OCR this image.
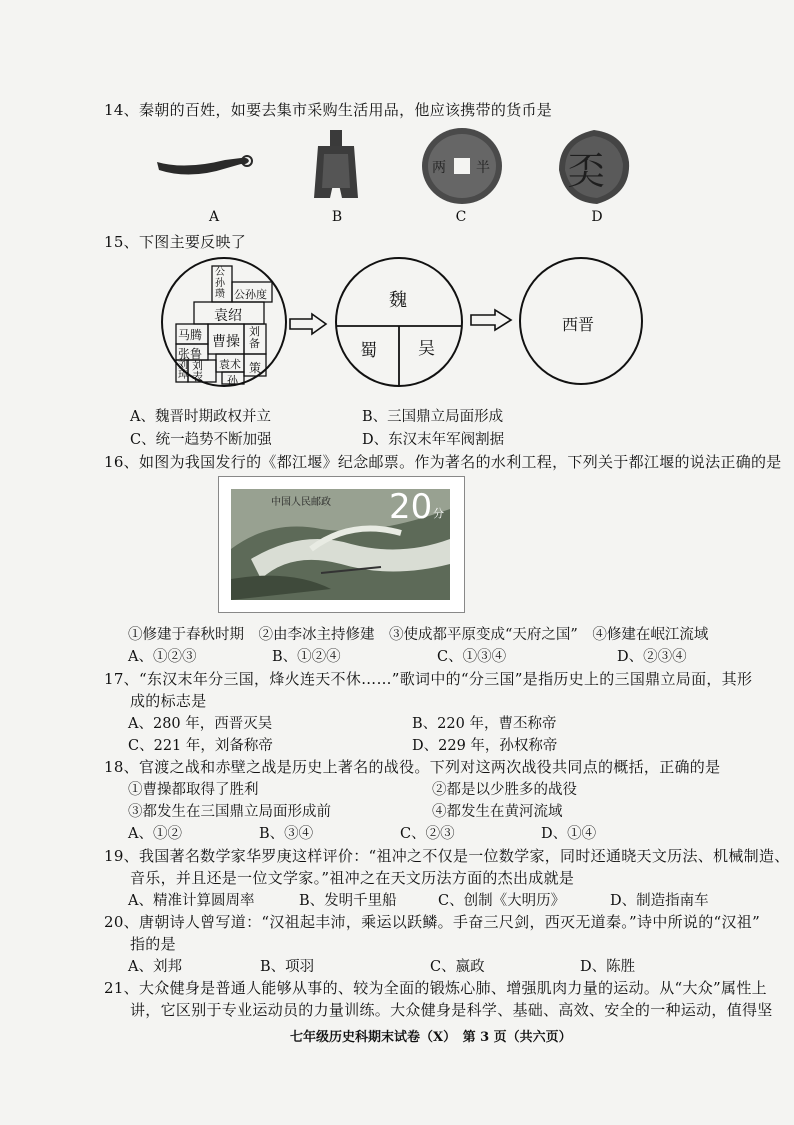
14、秦朝的百姓，如要去集市采购生活用品，他应该携带的货币是
A	B
两 半
C
奀
D
15、下图主要反映了
公孙瓒 公孙度
袁绍
马腾 曹操
刘备
张鲁
刘璋
刘表
袁术
孙
策
魏
蜀 吴
西晋
A、魏晋时期政权并立	B、三国鼎立局面形成
C、统一趋势不断加强	D、东汉末年军阀割据
16、如图为我国发行的《都江堰》纪念邮票。作为著名的水利工程，下列关于都江堰的说法正确的是
中国人民邮政 20 分
①修建于春秋时期　②由李冰主持修建　③使成都平原变成“天府之国”　④修建在岷江流域
A、①②③	B、①②④	C、①③④	D、②③④
17、“东汉末年分三国，烽火连天不休……”歌词中的“分三国”是指历史上的三国鼎立局面，其形
成的标志是
A、280 年，西晋灭吴	B、220 年，曹丕称帝
C、221 年，刘备称帝	D、229 年，孙权称帝
18、官渡之战和赤壁之战是历史上著名的战役。下列对这两次战役共同点的概括，正确的是
①曹操都取得了胜利	②都是以少胜多的战役
③都发生在三国鼎立局面形成前	④都发生在黄河流域
A、①②	B、③④	C、②③	D、①④
19、我国著名数学家华罗庚这样评价：“祖冲之不仅是一位数学家，同时还通晓天文历法、机械制造、
音乐，并且还是一位文学家。”祖冲之在天文历法方面的杰出成就是
A、精准计算圆周率	B、发明千里船	C、创制《大明历》	D、制造指南车
20、唐朝诗人曾写道：“汉祖起丰沛，乘运以跃鳞。手奋三尺剑，西灭无道秦。”诗中所说的“汉祖”
指的是
A、刘邦	B、项羽	C、嬴政	D、陈胜
21、大众健身是普通人能够从事的、较为全面的锻炼心肺、增强肌肉力量的运动。从“大众”属性上
讲，它区别于专业运动员的力量训练。大众健身是科学、基础、高效、安全的一种运动，值得坚
七年级历史科期末试卷（X）　第 3 页（共六页）
